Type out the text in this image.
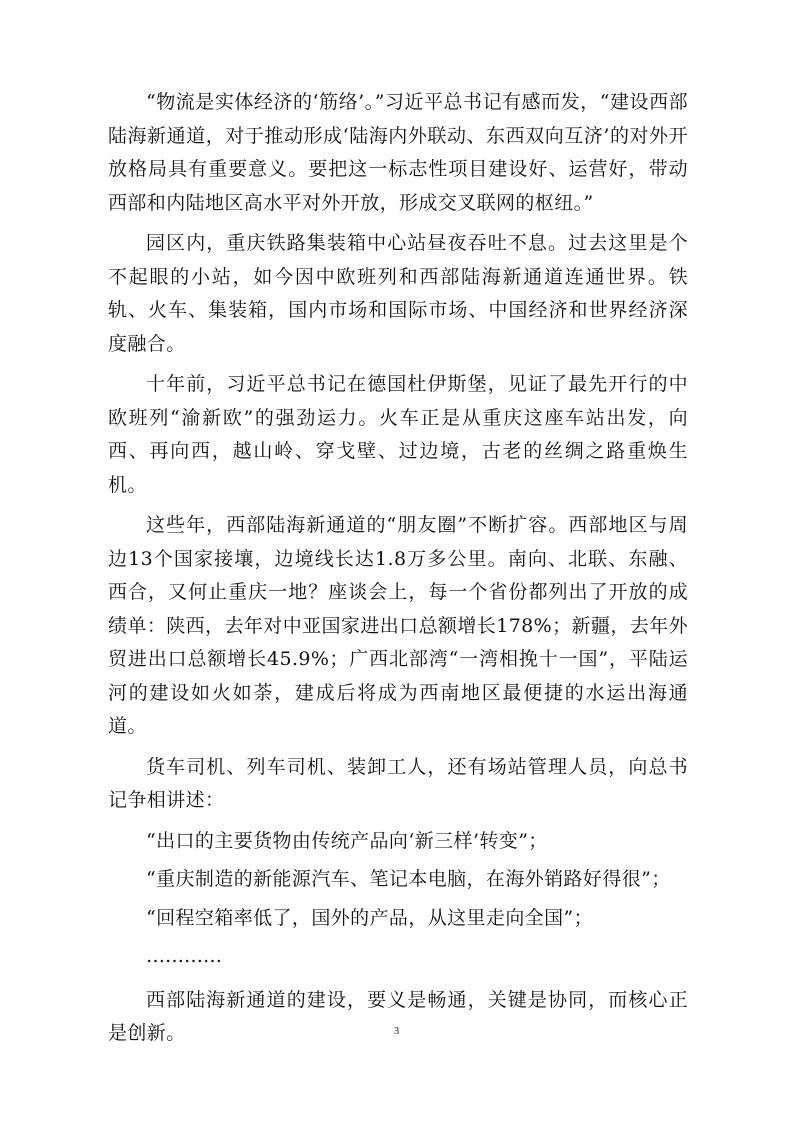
“物流是实体经济的‘筋络’。”习近平总书记有感而发，“建设西部陆海新通道，对于推动形成‘陆海内外联动、东西双向互济’的对外开放格局具有重要意义。要把这一标志性项目建设好、运营好，带动西部和内陆地区高水平对外开放，形成交叉联网的枢纽。”

园区内，重庆铁路集装箱中心站昼夜吞吐不息。过去这里是个不起眼的小站，如今因中欧班列和西部陆海新通道连通世界。铁轨、火车、集装箱，国内市场和国际市场、中国经济和世界经济深度融合。

十年前，习近平总书记在德国杜伊斯堡，见证了最先开行的中欧班列“渝新欧”的强劲运力。火车正是从重庆这座车站出发，向西、再向西，越山岭、穿戈壁、过边境，古老的丝绸之路重焕生机。

这些年，西部陆海新通道的“朋友圈”不断扩容。西部地区与周边13个国家接壤，边境线长达1.8万多公里。南向、北联、东融、西合，又何止重庆一地？座谈会上，每一个省份都列出了开放的成绩单：陕西，去年对中亚国家进出口总额增长178%；新疆，去年外贸进出口总额增长45.9%；广西北部湾“一湾相挽十一国”，平陆运河的建设如火如荼，建成后将成为西南地区最便捷的水运出海通道。

货车司机、列车司机、装卸工人，还有场站管理人员，向总书记争相讲述：

“出口的主要货物由传统产品向‘新三样’转变”；

“重庆制造的新能源汽车、笔记本电脑，在海外销路好得很”；

“回程空箱率低了，国外的产品，从这里走向全国”；

…………

西部陆海新通道的建设，要义是畅通，关键是协同，而核心正是创新。	3
